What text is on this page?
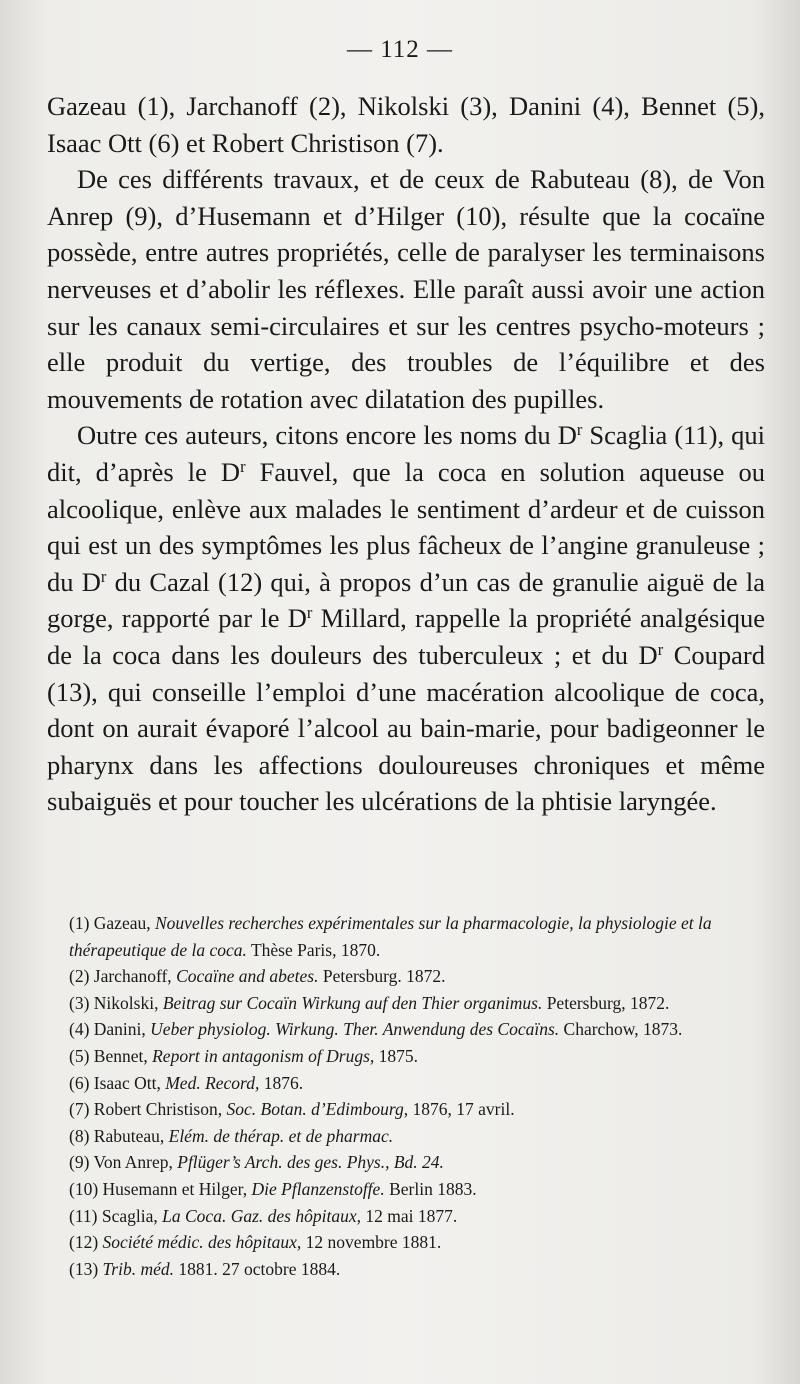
— 112 —

Gazeau (1), Jarchanoff (2), Nikolski (3), Danini (4), Bennet (5), Isaac Ott (6) et Robert Christison (7).

De ces différents travaux, et de ceux de Rabuteau (8), de Von Anrep (9), d’Husemann et d’Hilger (10), résulte que la cocaïne possède, entre autres propriétés, celle de paralyser les terminaisons nerveuses et d’abolir les réflexes. Elle paraît aussi avoir une action sur les canaux semi-circulaires et sur les centres psycho-moteurs ; elle produit du vertige, des troubles de l’équilibre et des mouvements de rotation avec dilatation des pupilles.

Outre ces auteurs, citons encore les noms du $D^r$ Scaglia (11), qui dit, d’après le $D^r$ Fauvel, que la coca en solution aqueuse ou alcoolique, enlève aux malades le sentiment d’ardeur et de cuisson qui est un des symptômes les plus fâcheux de l’angine granuleuse ; du $D^r$ du Cazal (12) qui, à propos d’un cas de granulie aiguë de la gorge, rapporté par le $D^r$ Millard, rappelle la propriété analgésique de la coca dans les douleurs des tuberculeux ; et du $D^r$ Coupard (13), qui conseille l’emploi d’une macération alcoolique de coca, dont on aurait évaporé l’alcool au bain-marie, pour badigeonner le pharynx dans les affections douloureuses chroniques et même subaiguës et pour toucher les ulcérations de la phtisie laryngée.

(1) Gazeau, Nouvelles recherches expérimentales sur la pharmacologie, la physiologie et la thérapeutique de la coca. Thèse Paris, 1870.

(2) Jarchanoff, Cocaïne and abetes. Petersburg. 1872.

(3) Nikolski, Beitrag sur Cocaïn Wirkung auf den Thier organimus. Petersburg, 1872.

(4) Danini, Ueber physiolog. Wirkung. Ther. Anwendung des Cocaïns. Charchow, 1873.

(5) Bennet, Report in antagonism of Drugs, 1875.

(6) Isaac Ott, Med. Record, 1876.

(7) Robert Christison, Soc. Botan. d’Edimbourg, 1876, 17 avril.

(8) Rabuteau, Elém. de thérap. et de pharmac.

(9) Von Anrep, Pflüger’s Arch. des ges. Phys., Bd. 24.

(10) Husemann et Hilger, Die Pflanzenstoffe. Berlin 1883.

(11) Scaglia, La Coca. Gaz. des hôpitaux, 12 mai 1877.

(12) Société médic. des hôpitaux, 12 novembre 1881.

(13) Trib. méd. 1881. 27 octobre 1884.
